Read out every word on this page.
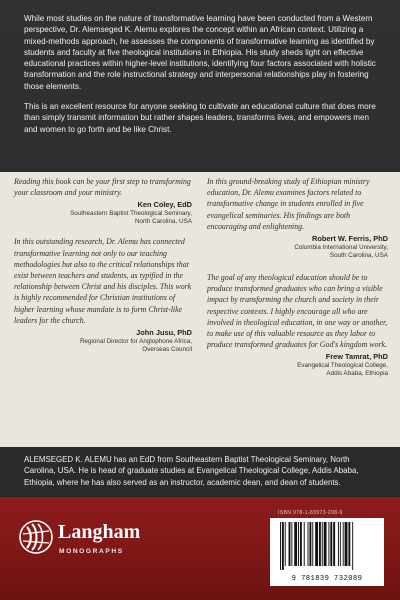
While most studies on the nature of transformative learning have been conducted from a Western perspective, Dr. Alemseged K. Alemu explores the concept within an African context. Utilizing a mixed-methods approach, he assesses the components of transformative learning as identified by students and faculty at five theological institutions in Ethiopia. His study sheds light on effective educational practices within higher-level institutions, identifying four factors associated with holistic transformation and the role instructional strategy and interpersonal relationships play in fostering those elements.

This is an excellent resource for anyone seeking to cultivate an educational culture that does more than simply transmit information but rather shapes leaders, transforms lives, and empowers men and women to go forth and be like Christ.

Reading this book can be your first step to transforming your classroom and your ministry.

Ken Coley, EdD
Southeastern Baptist Theological Seminary,
North Carolina, USA

In this outstanding research, Dr. Alemu has connected transformative learning not only to our teaching methodologies but also to the critical relationships that exist between teachers and students, as typified in the relationship between Christ and his disciples. This work is highly recommended for Christian institutions of higher learning whose mandate is to form Christ-like leaders for the church.

John Jusu, PhD
Regional Director for Anglophone Africa,
Overseas Council

In this ground-breaking study of Ethiopian ministry education, Dr. Alemu examines factors related to transformative change in students enrolled in five evangelical seminaries. His findings are both encouraging and enlightening.

Robert W. Ferris, PhD
Columbia International University,
South Carolina, USA

The goal of any theological education should be to produce transformed graduates who can bring a visible impact by transforming the church and society in their respective contexts. I highly encourage all who are involved in theological education, in one way or another, to make use of this valuable resource as they labor to produce transformed graduates for God's kingdom work.

Frew Tamrat, PhD
Evangelical Theological College,
Addis Ababa, Ethiopia

ALEMSEGED K. ALEMU has an EdD from Southeastern Baptist Theological Seminary, North Carolina, USA. He is head of graduate studies at Evangelical Theological College, Addis Ababa, Ethiopia, where he has also served as an instructor, academic dean, and dean of students.

Langham
MONOGRAPHS
ISBN 978-1-83973-208-9
9 781839 732089
